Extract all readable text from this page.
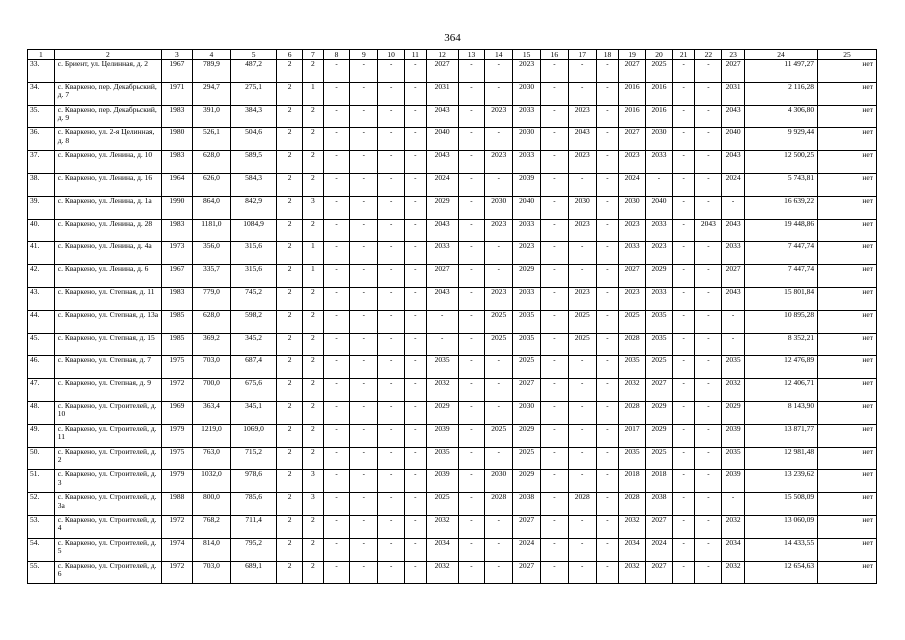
364
1	2	3	4	5	6	7	8	9	10	11	12	13	14	15	16	17	18	19	20	21	22	23	24	25
33.	с. Бриент, ул. Целинная, д. 2	1967	789,9	487,2	2	2	-	-	-	-	2027	-	-	2023	-	-	-	2027	2025	-	-	2027	11 497,27	нет
34.	с. Кваркено, пер. Декабрьский, д. 7	1971	294,7	275,1	2	1	-	-	-	-	2031	-	-	2030	-	-	-	2016	2016	-	-	2031	2 116,28	нет
35.	с. Кваркено, пер. Декабрьский, д. 9	1983	391,0	384,3	2	2	-	-	-	-	2043	-	2023	2033	-	2023	-	2016	2016	-	-	2043	4 306,80	нет
36.	с. Кваркено, ул. 2-я Целинная, д. 8	1980	526,1	504,6	2	2	-	-	-	-	2040	-	-	2030	-	2043	-	2027	2030	-	-	2040	9 929,44	нет
37.	с. Кваркено, ул. Ленина, д. 10	1983	628,0	589,5	2	2	-	-	-	-	2043	-	2023	2033	-	2023	-	2023	2033	-	-	2043	12 500,25	нет
38.	с. Кваркено, ул. Ленина, д. 16	1964	626,0	584,3	2	2	-	-	-	-	2024	-	-	2039	-	-	-	2024	-	-	-	2024	5 743,81	нет
39.	с. Кваркено, ул. Ленина, д. 1а	1990	864,0	842,9	2	3	-	-	-	-	2029	-	2030	2040	-	2030	-	2030	2040	-	-	-	16 639,22	нет
40.	с. Кваркено, ул. Ленина, д. 28	1983	1181,0	1084,9	2	2	-	-	-	-	2043	-	2023	2033	-	2023	-	2023	2033	-	2043	2043	19 448,86	нет
41.	с. Кваркено, ул. Ленина, д. 4а	1973	356,0	315,6	2	1	-	-	-	-	2033	-	-	2023	-	-	-	2033	2023	-	-	2033	7 447,74	нет
42.	с. Кваркено, ул. Ленина, д. 6	1967	335,7	315,6	2	1	-	-	-	-	2027	-	-	2029	-	-	-	2027	2029	-	-	2027	7 447,74	нет
43.	с. Кваркено, ул. Степная, д. 11	1983	779,0	745,2	2	2	-	-	-	-	2043	-	2023	2033	-	2023	-	2023	2033	-	-	2043	15 801,84	нет
44.	с. Кваркено, ул. Степная, д. 13а	1985	628,0	598,2	2	2	-	-	-	-	-	-	2025	2035	-	2025	-	2025	2035	-	-	-	10 895,28	нет
45.	с. Кваркено, ул. Степная, д. 15	1985	369,2	345,2	2	2	-	-	-	-	-	-	2025	2035	-	2025	-	2028	2035	-	-	-	8 352,21	нет
46.	с. Кваркено, ул. Степная, д. 7	1975	703,0	687,4	2	2	-	-	-	-	2035	-	-	2025	-	-	-	2035	2025	-	-	2035	12 476,89	нет
47.	с. Кваркено, ул. Степная, д. 9	1972	700,0	675,6	2	2	-	-	-	-	2032	-	-	2027	-	-	-	2032	2027	-	-	2032	12 406,71	нет
48.	с. Кваркено, ул. Строителей, д. 10	1969	363,4	345,1	2	2	-	-	-	-	2029	-	-	2030	-	-	-	2028	2029	-	-	2029	8 143,90	нет
49.	с. Кваркено, ул. Строителей, д. 11	1979	1219,0	1069,0	2	2	-	-	-	-	2039	-	2025	2029	-	-	-	2017	2029	-	-	2039	13 871,77	нет
50.	с. Кваркено, ул. Строителей, д. 2	1975	763,0	715,2	2	2	-	-	-	-	2035	-	-	2025	-	-	-	2035	2025	-	-	2035	12 981,48	нет
51.	с. Кваркено, ул. Строителей, д. 3	1979	1032,0	978,6	2	3	-	-	-	-	2039	-	2030	2029	-	-	-	2018	2018	-	-	2039	13 239,62	нет
52.	с. Кваркено, ул. Строителей, д. 3а	1988	800,0	785,6	2	3	-	-	-	-	2025	-	2028	2038	-	2028	-	2028	2038	-	-	-	15 508,09	нет
53.	с. Кваркено, ул. Строителей, д. 4	1972	768,2	711,4	2	2	-	-	-	-	2032	-	-	2027	-	-	-	2032	2027	-	-	2032	13 060,09	нет
54.	с. Кваркено, ул. Строителей, д. 5	1974	814,0	795,2	2	2	-	-	-	-	2034	-	-	2024	-	-	-	2034	2024	-	-	2034	14 433,55	нет
55.	с. Кваркено, ул. Строителей, д. 6	1972	703,0	689,1	2	2	-	-	-	-	2032	-	-	2027	-	-	-	2032	2027	-	-	2032	12 654,63	нет
